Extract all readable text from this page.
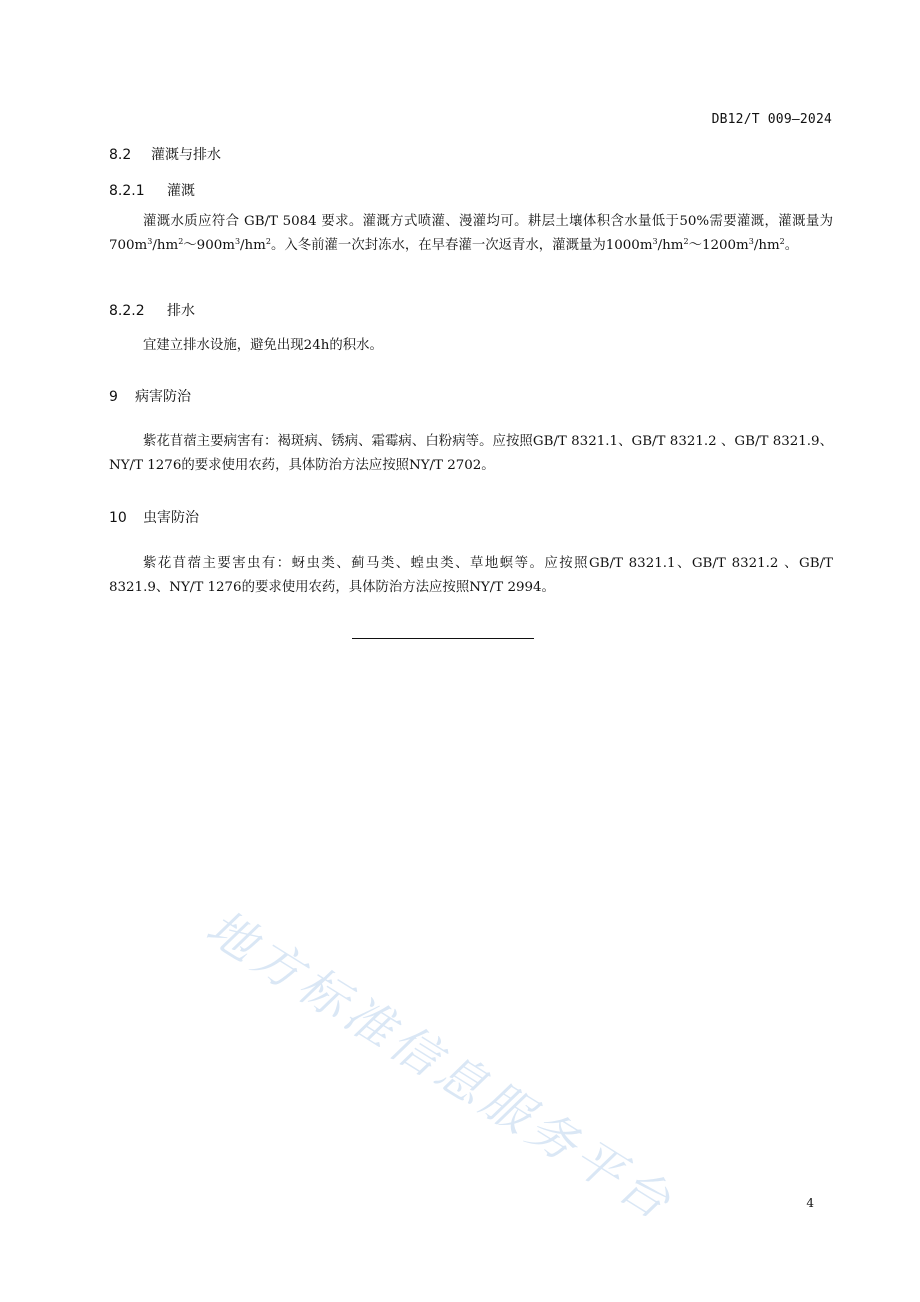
DB12/T 009—2024
8.2 灌溉与排水
8.2.1 灌溉
灌溉水质应符合 GB/T 5084 要求。灌溉方式喷灌、漫灌均可。耕层土壤体积含水量低于50%需要灌溉，灌溉量为$700m^3/hm^2\sim 900m^3/hm^2$。入冬前灌一次封冻水，在早春灌一次返青水，灌溉量为$1000m^3/hm^2\sim 1200m^3/hm^2$。
8.2.2 排水
宜建立排水设施，避免出现24h的积水。
9 病害防治
紫花苜蓿主要病害有：褐斑病、锈病、霜霉病、白粉病等。应按照GB/T 8321.1、GB/T 8321.2 、GB/T 8321.9、NY/T 1276的要求使用农药，具体防治方法应按照NY/T 2702。
10 虫害防治
紫花苜蓿主要害虫有：蚜虫类、蓟马类、蝗虫类、草地螟等。应按照GB/T 8321.1、GB/T 8321.2 、GB/T 8321.9、NY/T 1276的要求使用农药，具体防治方法应按照NY/T 2994。
地方标准信息服务平台	4
